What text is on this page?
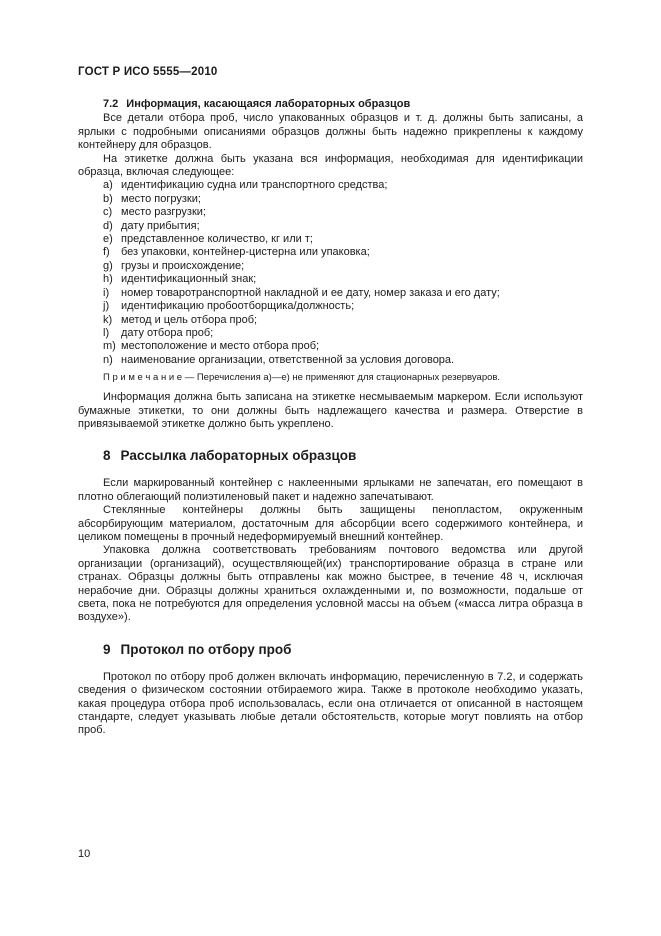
ГОСТ Р ИСО 5555—2010
7.2 Информация, касающаяся лабораторных образцов

Все детали отбора проб, число упакованных образцов и т. д. должны быть записаны, а ярлыки с подробными описаниями образцов должны быть надежно прикреплены к каждому контейнеру для образцов.

На этикетке должна быть указана вся информация, необходимая для идентификации образца, включая следующее:

a) идентификацию судна или транспортного средства;
b) место погрузки;
c) место разгрузки;
d) дату прибытия;
e) представленное количество, кг или т;
f) без упаковки, контейнер-цистерна или упаковка;
g) грузы и происхождение;
h) идентификационный знак;
i) номер товаротранспортной накладной и ее дату, номер заказа и его дату;
j) идентификацию пробоотборщика/должность;
k) метод и цель отбора проб;
l) дату отбора проб;
m) местоположение и место отбора проб;
n) наименование организации, ответственной за условия договора.

П р и м е ч а н и е — Перечисления a)—e) не применяют для стационарных резервуаров.

Информация должна быть записана на этикетке несмываемым маркером. Если используют бумажные этикетки, то они должны быть надлежащего качества и размера. Отверстие в привязываемой этикетке должно быть укреплено.

8 Рассылка лабораторных образцов

Если маркированный контейнер с наклеенными ярлыками не запечатан, его помещают в плотно облегающий полиэтиленовый пакет и надежно запечатывают.

Стеклянные контейнеры должны быть защищены пенопластом, окруженным абсорбирующим материалом, достаточным для абсорбции всего содержимого контейнера, и целиком помещены в прочный недеформируемый внешний контейнер.

Упаковка должна соответствовать требованиям почтового ведомства или другой организации (организаций), осуществляющей(их) транспортирование образца в стране или странах. Образцы должны быть отправлены как можно быстрее, в течение 48 ч, исключая нерабочие дни. Образцы должны храниться охлажденными и, по возможности, подальше от света, пока не потребуются для определения условной массы на объем («масса литра образца в воздухе»).

9 Протокол по отбору проб

Протокол по отбору проб должен включать информацию, перечисленную в 7.2, и содержать сведения о физическом состоянии отбираемого жира. Также в протоколе необходимо указать, какая процедура отбора проб использовалась, если она отличается от описанной в настоящем стандарте, следует указывать любые детали обстоятельств, которые могут повлиять на отбор проб.

10
